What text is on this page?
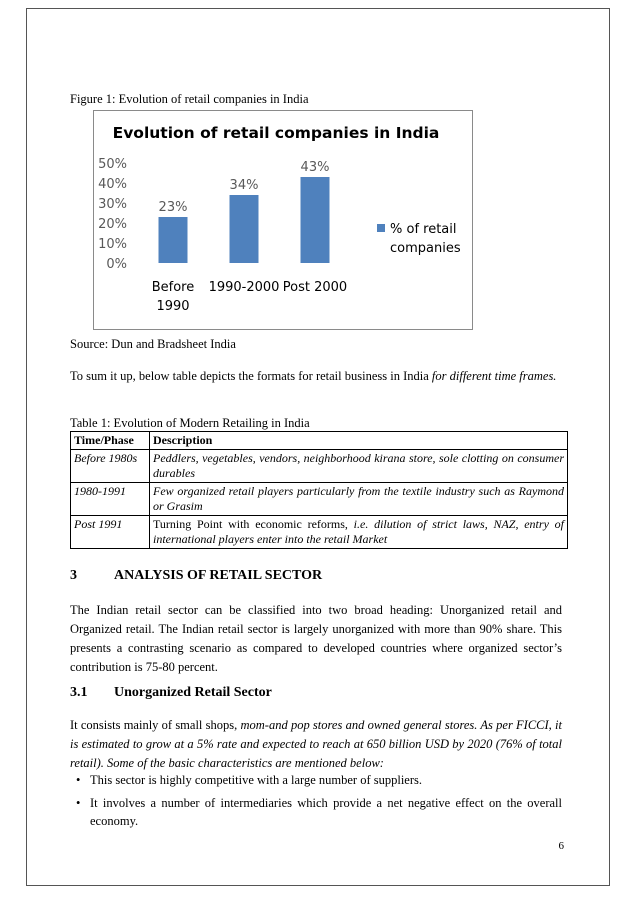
Figure 1: Evolution of retail companies in India
Evolution of retail companies in India
0%
10%
20%
30%
40%
50%
23%
34%
43%
Before
1990
1990-2000 Post 2000
% of retail
companies
Source: Dun and Bradsheet India
To sum it up, below table depicts the formats for retail business in India for different time frames.
Table 1: Evolution of Modern Retailing in India
Time/Phase	Description
Before 1980s	Peddlers, vegetables, vendors, neighborhood kirana store, sole clotting on consumer durables
1980-1991	Few organized retail players particularly from the textile industry such as Raymond or Grasim
Post 1991	Turning Point with economic reforms, i.e. dilution of strict laws, NAZ, entry of international players enter into the retail Market
3	ANALYSIS OF RETAIL SECTOR
The Indian retail sector can be classified into two broad heading: Unorganized retail and Organized retail. The Indian retail sector is largely unorganized with more than 90% share. This presents a contrasting scenario as compared to developed countries where organized sector’s contribution is 75-80 percent.
3.1 Unorganized Retail Sector
It consists mainly of small shops, mom-and pop stores and owned general stores. As per FICCI, it is estimated to grow at a 5% rate and expected to reach at 650 billion USD by 2020 (76% of total retail). Some of the basic characteristics are mentioned below:
• This sector is highly competitive with a large number of suppliers.
• It involves a number of intermediaries which provide a net negative effect on the overall economy.
6
